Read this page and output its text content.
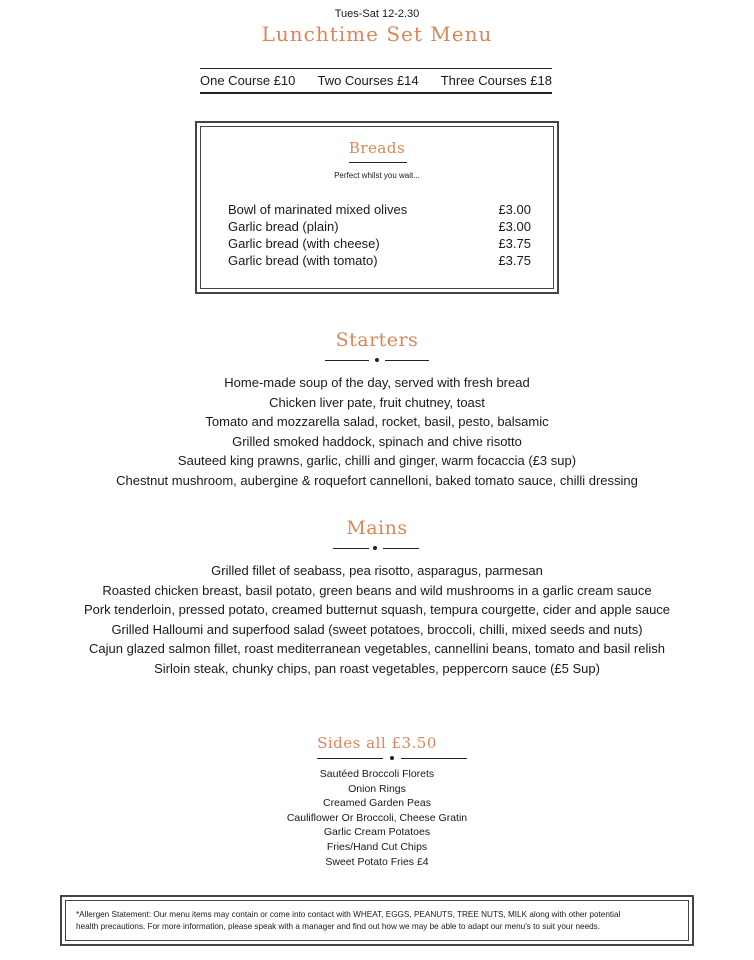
Tues-Sat 12-2.30
Lunchtime Set Menu
One Course £10 Two Courses £14 Three Courses £18
Breads
Perfect whilst you wait...
Bowl of marinated mixed olives	£3.00
Garlic bread (plain)	£3.00
Garlic bread (with cheese)	£3.75
Garlic bread (with tomato)	£3.75
Starters
Home-made soup of the day, served with fresh bread
Chicken liver pate, fruit chutney, toast
Tomato and mozzarella salad, rocket, basil, pesto, balsamic
Grilled smoked haddock, spinach and chive risotto
Sauteed king prawns, garlic, chilli and ginger, warm focaccia (£3 sup)
Chestnut mushroom, aubergine & roquefort cannelloni, baked tomato sauce, chilli dressing
Mains
Grilled fillet of seabass, pea risotto, asparagus, parmesan
Roasted chicken breast, basil potato, green beans and wild mushrooms in a garlic cream sauce
Pork tenderloin, pressed potato, creamed butternut squash, tempura courgette, cider and apple sauce
Grilled Halloumi and superfood salad (sweet potatoes, broccoli, chilli, mixed seeds and nuts)
Cajun glazed salmon fillet, roast mediterranean vegetables, cannellini beans, tomato and basil relish
Sirloin steak, chunky chips, pan roast vegetables, peppercorn sauce (£5 Sup)
Sides all £3.50
Sautéed Broccoli Florets
Onion Rings
Creamed Garden Peas
Cauliflower Or Broccoli, Cheese Gratin
Garlic Cream Potatoes
Fries/Hand Cut Chips
Sweet Potato Fries £4
*Allergen Statement: Our menu items may contain or come into contact with WHEAT, EGGS, PEANUTS, TREE NUTS, MILK along with other potential
health precautions. For more information, please speak with a manager and find out how we may be able to adapt our menu's to suit your needs.
